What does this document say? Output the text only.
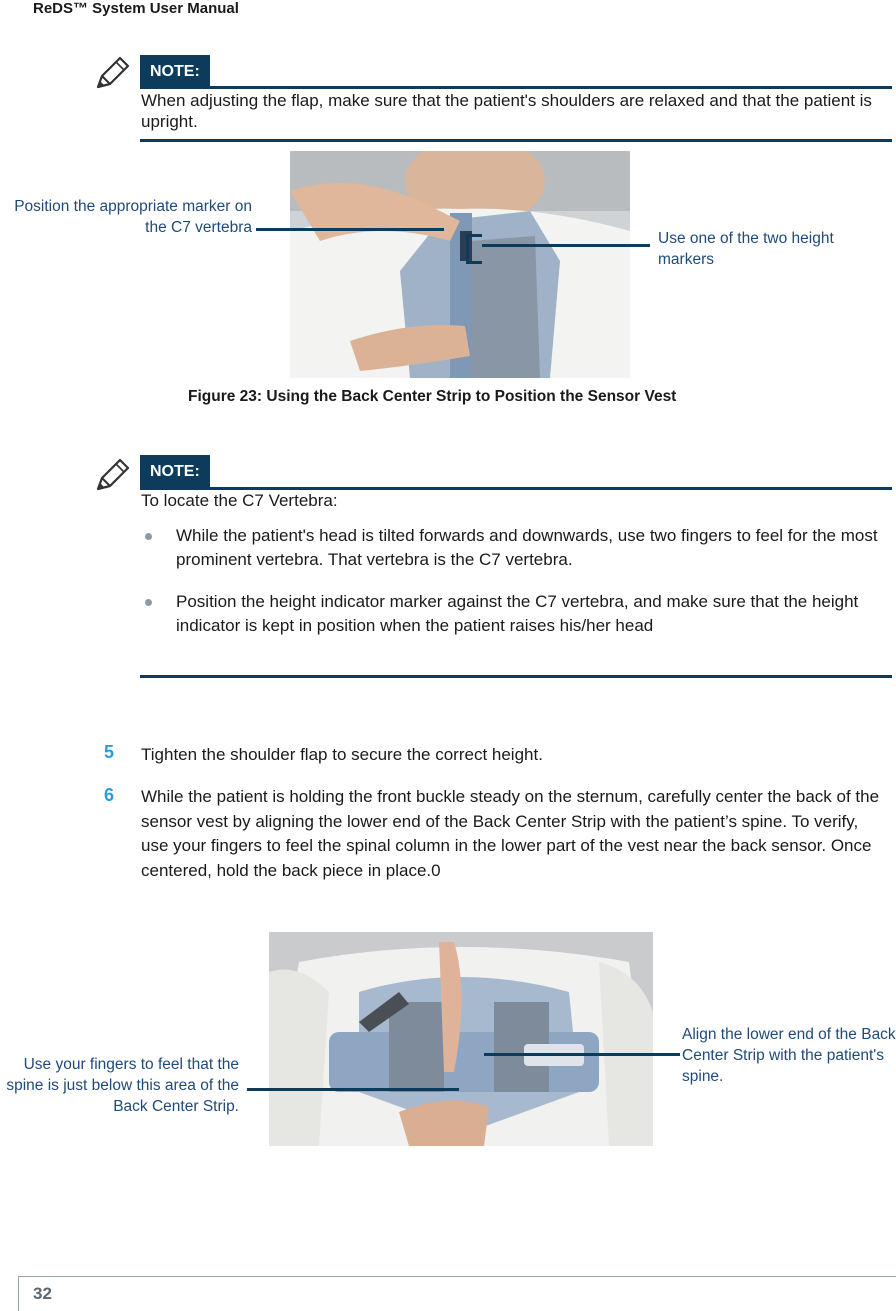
ReDS™ System User Manual
NOTE:
When adjusting the flap, make sure that the patient's shoulders are relaxed and that the patient is upright.
Position the appropriate marker on the C7 vertebra
Use one of the two height markers
Figure 23: Using the Back Center Strip to Position the Sensor Vest
NOTE:
To locate the C7 Vertebra:
While the patient's head is tilted forwards and downwards, use two fingers to feel for the most prominent vertebra. That vertebra is the C7 vertebra.
Position the height indicator marker against the C7 vertebra, and make sure that the height indicator is kept in position when the patient raises his/her head
5 Tighten the shoulder flap to secure the correct height.
6 While the patient is holding the front buckle steady on the sternum, carefully center the back of the sensor vest by aligning the lower end of the Back Center Strip with the patient’s spine. To verify, use your fingers to feel the spinal column in the lower part of the vest near the back sensor. Once centered, hold the back piece in place.0
Use your fingers to feel that the spine is just below this area of the Back Center Strip.
Align the lower end of the Back Center Strip with the patient's spine.
32
